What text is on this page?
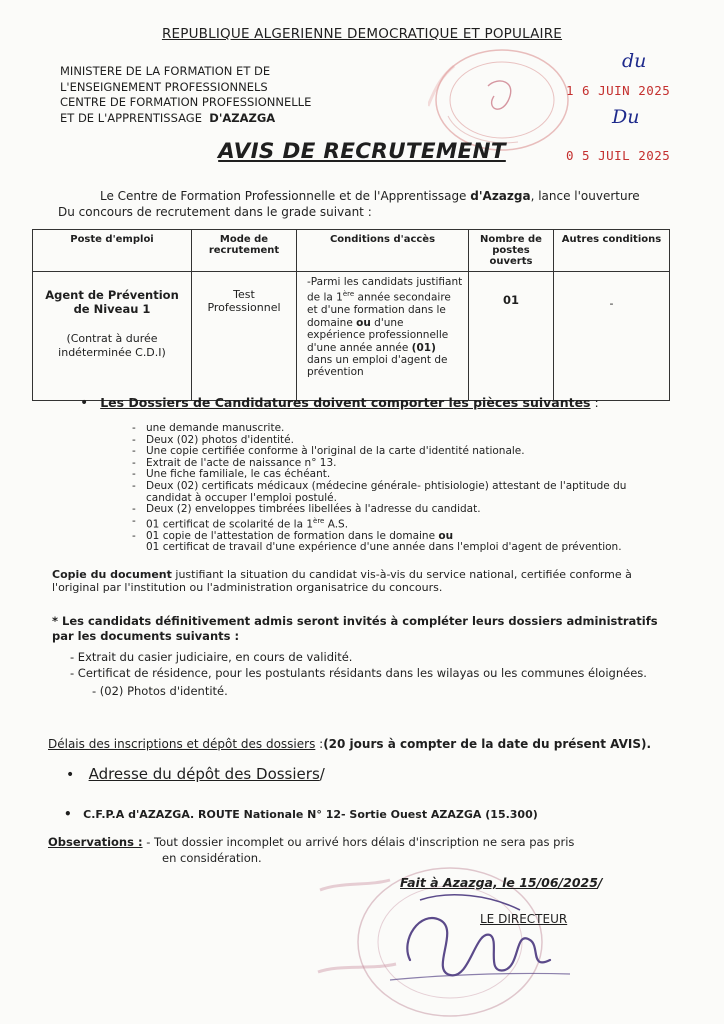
REPUBLIQUE ALGERIENNE DEMOCRATIQUE ET POPULAIRE
MINISTERE DE LA FORMATION ET DE
L'ENSEIGNEMENT PROFESSIONNELS
CENTRE DE FORMATION PROFESSIONNELLE
ET DE L'APPRENTISSAGE D'AZAZGA
1 6 JUIN 2025
0 5 JUIL 2025
du
Du
AVIS DE RECRUTEMENT
Le Centre de Formation Professionnelle et de l'Apprentissage d'Azazga, lance l'ouverture
Du concours de recrutement dans le grade suivant :
Poste d'emploi	Mode de recrutement	Conditions d'accès	Nombre de postes ouverts	Autres conditions

Agent de Prévention de Niveau 1
(Contrat à durée indéterminée C.D.I)	Test Professionnel	-Parmi les candidats justifiant de la 1ère année secondaire et d'une formation dans le domaine ou d'une expérience professionnelle d'une année année (01) dans un emploi d'agent de prévention	01	-
• Les Dossiers de Candidatures doivent comporter les pièces suivantes :
- une demande manuscrite.
- Deux (02) photos d'identité.
- Une copie certifiée conforme à l'original de la carte d'identité nationale.
- Extrait de l'acte de naissance n° 13.
- Une fiche familiale, le cas échéant.
- Deux (02) certificats médicaux (médecine générale- phtisiologie) attestant de l'aptitude du candidat à occuper l'emploi postulé.
- Deux (2) enveloppes timbrées libellées à l'adresse du candidat.
- 01 certificat de scolarité de la 1ère A.S.
- 01 copie de l'attestation de formation dans le domaine ou
01 certificat de travail d'une expérience d'une année dans l'emploi d'agent de prévention.
Copie du document justifiant la situation du candidat vis-à-vis du service national, certifiée conforme à l'original par l'institution ou l'administration organisatrice du concours.
* Les candidats définitivement admis seront invités à compléter leurs dossiers administratifs par les documents suivants :
- Extrait du casier judiciaire, en cours de validité.
- Certificat de résidence, pour les postulants résidants dans les wilayas ou les communes éloignées.
- (02) Photos d'identité.
Délais des inscriptions et dépôt des dossiers :(20 jours à compter de la date du présent AVIS).
• Adresse du dépôt des Dossiers/
• C.F.P.A d'AZAZGA. ROUTE Nationale N° 12- Sortie Ouest AZAZGA (15.300)
Observations : - Tout dossier incomplet ou arrivé hors délais d'inscription ne sera pas pris
en considération.
Fait à Azazga, le 15/06/2025/
LE DIRECTEUR
